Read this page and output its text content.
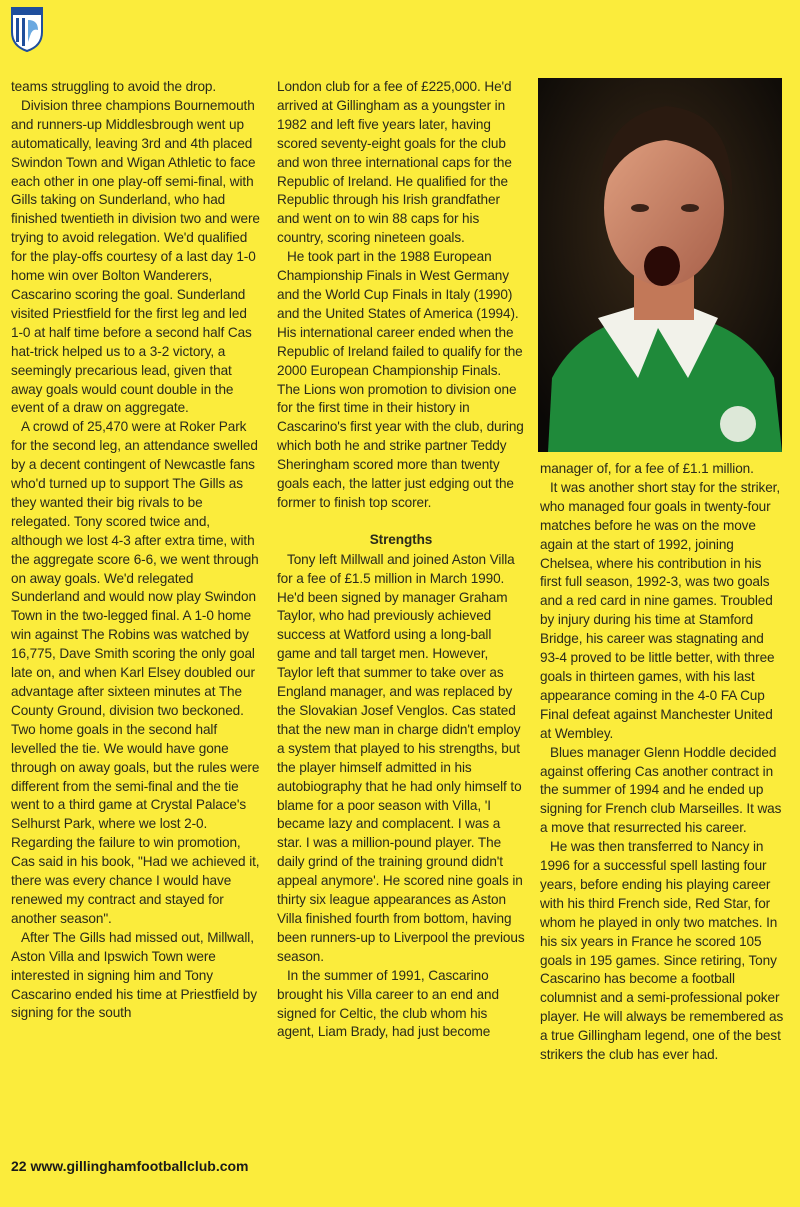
teams struggling to avoid the drop.

Division three champions Bournemouth and runners-up Middlesbrough went up automatically, leaving 3rd and 4th placed Swindon Town and Wigan Athletic to face each other in one play-off semi-final, with Gills taking on Sunderland, who had finished twentieth in division two and were trying to avoid relegation. We'd qualified for the play-offs courtesy of a last day 1-0 home win over Bolton Wanderers, Cascarino scoring the goal. Sunderland visited Priestfield for the first leg and led 1-0 at half time before a second half Cas hat-trick helped us to a 3-2 victory, a seemingly precarious lead, given that away goals would count double in the event of a draw on aggregate.

A crowd of 25,470 were at Roker Park for the second leg, an attendance swelled by a decent contingent of Newcastle fans who'd turned up to support The Gills as they wanted their big rivals to be relegated. Tony scored twice and, although we lost 4-3 after extra time, with the aggregate score 6-6, we went through on away goals. We'd relegated Sunderland and would now play Swindon Town in the two-legged final. A 1-0 home win against The Robins was watched by 16,775, Dave Smith scoring the only goal late on, and when Karl Elsey doubled our advantage after sixteen minutes at The County Ground, division two beckoned. Two home goals in the second half levelled the tie. We would have gone through on away goals, but the rules were different from the semi-final and the tie went to a third game at Crystal Palace's Selhurst Park, where we lost 2-0. Regarding the failure to win promotion, Cas said in his book, "Had we achieved it, there was every chance I would have renewed my contract and stayed for another season".

After The Gills had missed out, Millwall, Aston Villa and Ipswich Town were interested in signing him and Tony Cascarino ended his time at Priestfield by signing for the south

London club for a fee of £225,000. He'd arrived at Gillingham as a youngster in 1982 and left five years later, having scored seventy-eight goals for the club and won three international caps for the Republic of Ireland. He qualified for the Republic through his Irish grandfather and went on to win 88 caps for his country, scoring nineteen goals.

He took part in the 1988 European Championship Finals in West Germany and the World Cup Finals in Italy (1990) and the United States of America (1994). His international career ended when the Republic of Ireland failed to qualify for the 2000 European Championship Finals. The Lions won promotion to division one for the first time in their history in Cascarino's first year with the club, during which both he and strike partner Teddy Sheringham scored more than twenty goals each, the latter just edging out the former to finish top scorer.

Strengths

Tony left Millwall and joined Aston Villa for a fee of £1.5 million in March 1990. He'd been signed by manager Graham Taylor, who had previously achieved success at Watford using a long-ball game and tall target men. However, Taylor left that summer to take over as England manager, and was replaced by the Slovakian Josef Venglos. Cas stated that the new man in charge didn't employ a system that played to his strengths, but the player himself admitted in his autobiography that he had only himself to blame for a poor season with Villa, 'I became lazy and complacent. I was a star. I was a million-pound player. The daily grind of the training ground didn't appeal anymore'. He scored nine goals in thirty six league appearances as Aston Villa finished fourth from bottom, having been runners-up to Liverpool the previous season.

In the summer of 1991, Cascarino brought his Villa career to an end and signed for Celtic, the club whom his agent, Liam Brady, had just become

manager of, for a fee of £1.1 million.

It was another short stay for the striker, who managed four goals in twenty-four matches before he was on the move again at the start of 1992, joining Chelsea, where his contribution in his first full season, 1992-3, was two goals and a red card in nine games. Troubled by injury during his time at Stamford Bridge, his career was stagnating and 93-4 proved to be little better, with three goals in thirteen games, with his last appearance coming in the 4-0 FA Cup Final defeat against Manchester United at Wembley.

Blues manager Glenn Hoddle decided against offering Cas another contract in the summer of 1994 and he ended up signing for French club Marseilles. It was a move that resurrected his career.

He was then transferred to Nancy in 1996 for a successful spell lasting four years, before ending his playing career with his third French side, Red Star, for whom he played in only two matches. In his six years in France he scored 105 goals in 195 games. Since retiring, Tony Cascarino has become a football columnist and a semi-professional poker player. He will always be remembered as a true Gillingham legend, one of the best strikers the club has ever had.

22 www.gillinghamfootballclub.com
